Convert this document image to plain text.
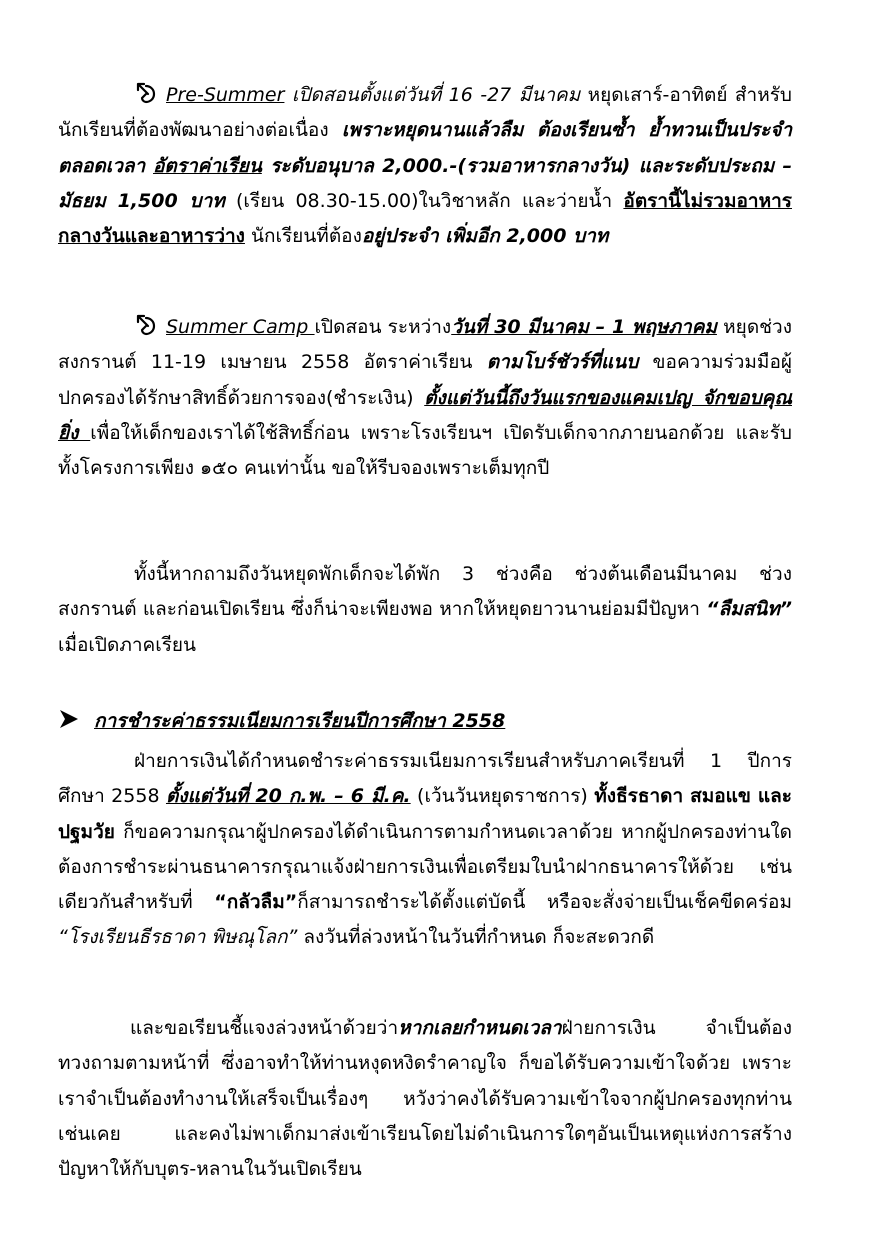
Pre-Summer เปิดสอนตั้งแต่วันที่ 16 -27 มีนาคม หยุดเสาร์-อาทิตย์ สำหรับนักเรียนที่ต้องพัฒนาอย่างต่อเนื่อง เพราะหยุดนานแล้วลืม ต้องเรียนซ้ำ ย้ำทวนเป็นประจำ ตลอดเวลา อัตราค่าเรียน ระดับอนุบาล 2,000.-(รวมอาหารกลางวัน) และระดับประถม – มัธยม 1,500 บาท (เรียน 08.30-15.00)ในวิชาหลัก และว่ายน้ำ อัตรานี้ไม่รวมอาหารกลางวันและอาหารว่าง นักเรียนที่ต้องอยู่ประจำ เพิ่มอีก 2,000 บาท

Summer Camp เปิดสอน ระหว่างวันที่ 30 มีนาคม – 1 พฤษภาคม หยุดช่วงสงกรานต์ 11-19 เมษายน 2558 อัตราค่าเรียน ตามโบร์ชัวร์ที่แนบ ขอความร่วมมือผู้ปกครองได้รักษาสิทธิ์ด้วยการจอง(ชำระเงิน) ตั้งแต่วันนี้ถึงวันแรกของแคมเปญ จักขอบคุณยิ่ง เพื่อให้เด็กของเราได้ใช้สิทธิ์ก่อน เพราะโรงเรียนฯ เปิดรับเด็กจากภายนอกด้วย และรับทั้งโครงการเพียง ๑๕๐ คนเท่านั้น ขอให้รีบจองเพราะเต็มทุกปี

ทั้งนี้หากถามถึงวันหยุดพักเด็กจะได้พัก 3 ช่วงคือ ช่วงต้นเดือนมีนาคม ช่วงสงกรานต์ และก่อนเปิดเรียน ซึ่งก็น่าจะเพียงพอ หากให้หยุดยาวนานย่อมมีปัญหา “ลืมสนิท” เมื่อเปิดภาคเรียน

การชำระค่าธรรมเนียมการเรียนปีการศึกษา 2558

ฝ่ายการเงินได้กำหนดชำระค่าธรรมเนียมการเรียนสำหรับภาคเรียนที่ 1 ปีการศึกษา 2558 ตั้งแต่วันที่ 20 ก.พ. – 6 มี.ค. (เว้นวันหยุดราชการ) ทั้งธีรธาดา สมอแข และ ปฐมวัย ก็ขอความกรุณาผู้ปกครองได้ดำเนินการตามกำหนดเวลาด้วย หากผู้ปกครองท่านใดต้องการชำระผ่านธนาคารกรุณาแจ้งฝ่ายการเงินเพื่อเตรียมใบนำฝากธนาคารให้ด้วย เช่นเดียวกันสำหรับที่ “กลัวลืม”ก็สามารถชำระได้ตั้งแต่บัดนี้ หรือจะสั่งจ่ายเป็นเช็คขีดคร่อม “โรงเรียนธีรธาดา พิษณุโลก” ลงวันที่ล่วงหน้าในวันที่กำหนด ก็จะสะดวกดี

และขอเรียนชี้แจงล่วงหน้าด้วยว่าหากเลยกำหนดเวลาฝ่ายการเงิน จำเป็นต้องทวงถามตามหน้าที่ ซึ่งอาจทำให้ท่านหงุดหงิดรำคาญใจ ก็ขอได้รับความเข้าใจด้วย เพราะเราจำเป็นต้องทำงานให้เสร็จเป็นเรื่องๆ หวังว่าคงได้รับความเข้าใจจากผู้ปกครองทุกท่านเช่นเคย และคงไม่พาเด็กมาส่งเข้าเรียนโดยไม่ดำเนินการใดๆอันเป็นเหตุแห่งการสร้างปัญหาให้กับบุตร-หลานในวันเปิดเรียน
